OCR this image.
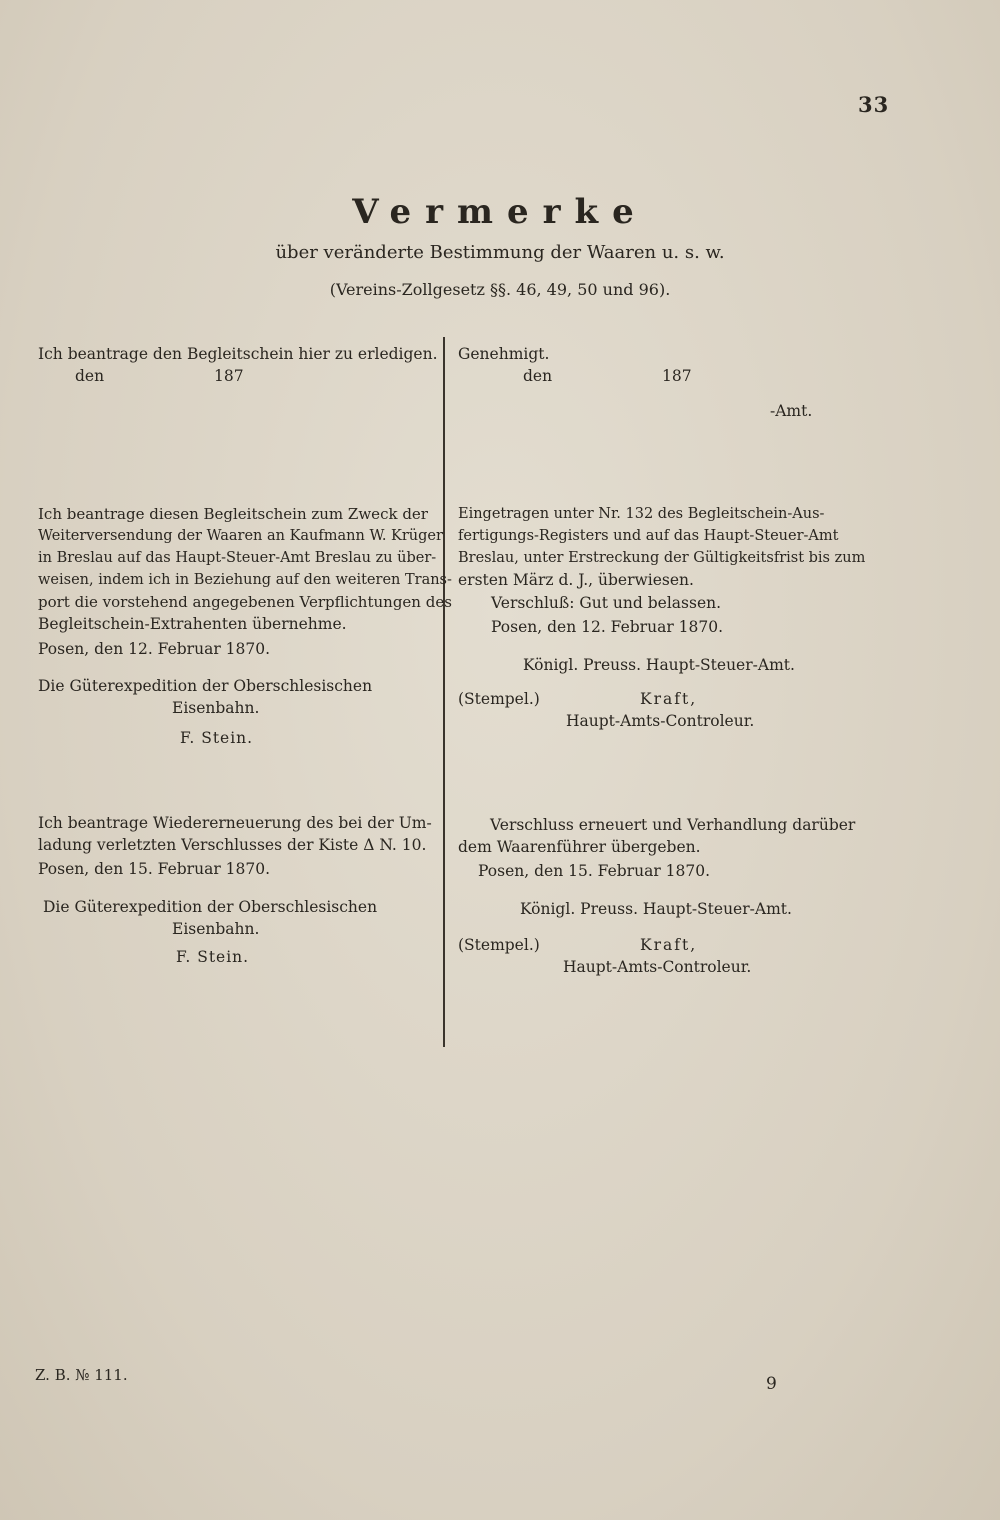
33
Vermerke
über veränderte Bestimmung der Waaren u. s. w.
(Vereins-Zollgesetz §§. 46, 49, 50 und 96).
Ich beantrage den Begleitschein hier zu erledigen.
den	187
Genehmigt.
den	187
-Amt.
Ich beantrage diesen Begleitschein zum Zweck der
Weiterversendung der Waaren an Kaufmann W. Krüger
in Breslau auf das Haupt-Steuer-Amt Breslau zu über-
weisen, indem ich in Beziehung auf den weiteren Trans-
port die vorstehend angegebenen Verpflichtungen des
Begleitschein-Extrahenten übernehme.
Posen, den 12. Februar 1870.
Die Güterexpedition der Oberschlesischen
Eisenbahn.
F. Stein.
Eingetragen unter Nr. 132 des Begleitschein-Aus-
fertigungs-Registers und auf das Haupt-Steuer-Amt
Breslau, unter Erstreckung der Gültigkeitsfrist bis zum
ersten März d. J., überwiesen.
Verschluß: Gut und belassen.
Posen, den 12. Februar 1870.
Königl. Preuss. Haupt-Steuer-Amt.
(Stempel.)	Kraft,
Haupt-Amts-Controleur.
Ich beantrage Wiedererneuerung des bei der Um-
ladung verletzten Verschlusses der Kiste Δ N. 10.
Posen, den 15. Februar 1870.
Die Güterexpedition der Oberschlesischen
Eisenbahn.
F. Stein.
Verschluss erneuert und Verhandlung darüber
dem Waarenführer übergeben.
Posen, den 15. Februar 1870.
Königl. Preuss. Haupt-Steuer-Amt.
(Stempel.)	Kraft,
Haupt-Amts-Controleur.
Z. B. № 111.	9
